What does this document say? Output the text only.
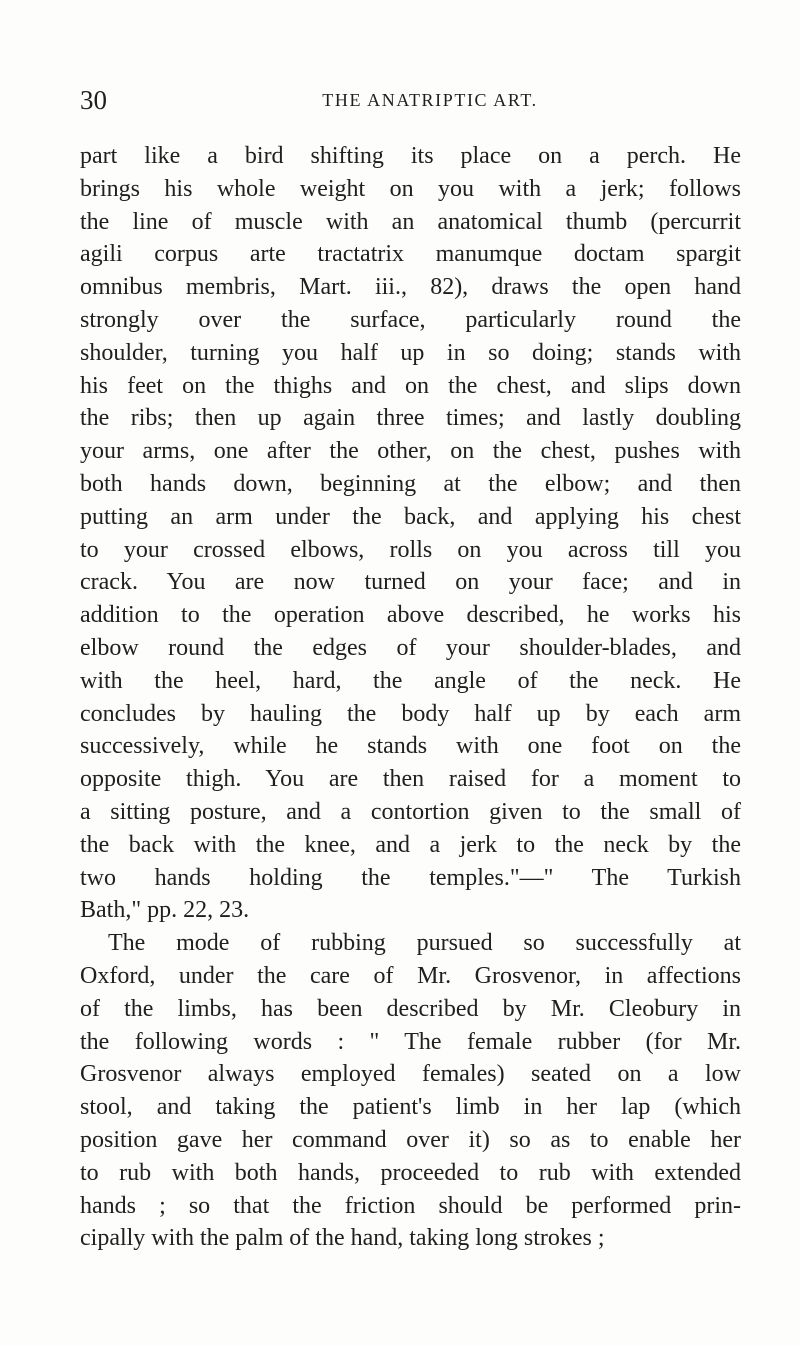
30	THE ANATRIPTIC ART.
part like a bird shifting its place on a perch. He
brings his whole weight on you with a jerk; follows
the line of muscle with an anatomical thumb (percurrit
agili corpus arte tractatrix manumque doctam spargit
omnibus membris, Mart. iii., 82), draws the open hand
strongly over the surface, particularly round the
shoulder, turning you half up in so doing; stands with
his feet on the thighs and on the chest, and slips down
the ribs; then up again three times; and lastly doubling
your arms, one after the other, on the chest, pushes with
both hands down, beginning at the elbow; and then
putting an arm under the back, and applying his chest
to your crossed elbows, rolls on you across till you
crack. You are now turned on your face; and in
addition to the operation above described, he works his
elbow round the edges of your shoulder-blades, and
with the heel, hard, the angle of the neck. He
concludes by hauling the body half up by each arm
successively, while he stands with one foot on the
opposite thigh. You are then raised for a moment to
a sitting posture, and a contortion given to the small of
the back with the knee, and a jerk to the neck by the
two hands holding the temples."—" The Turkish
Bath," pp. 22, 23.
The mode of rubbing pursued so successfully at
Oxford, under the care of Mr. Grosvenor, in affections
of the limbs, has been described by Mr. Cleobury in
the following words : " The female rubber (for Mr.
Grosvenor always employed females) seated on a low
stool, and taking the patient's limb in her lap (which
position gave her command over it) so as to enable her
to rub with both hands, proceeded to rub with extended
hands ; so that the friction should be performed prin-
cipally with the palm of the hand, taking long strokes ;
